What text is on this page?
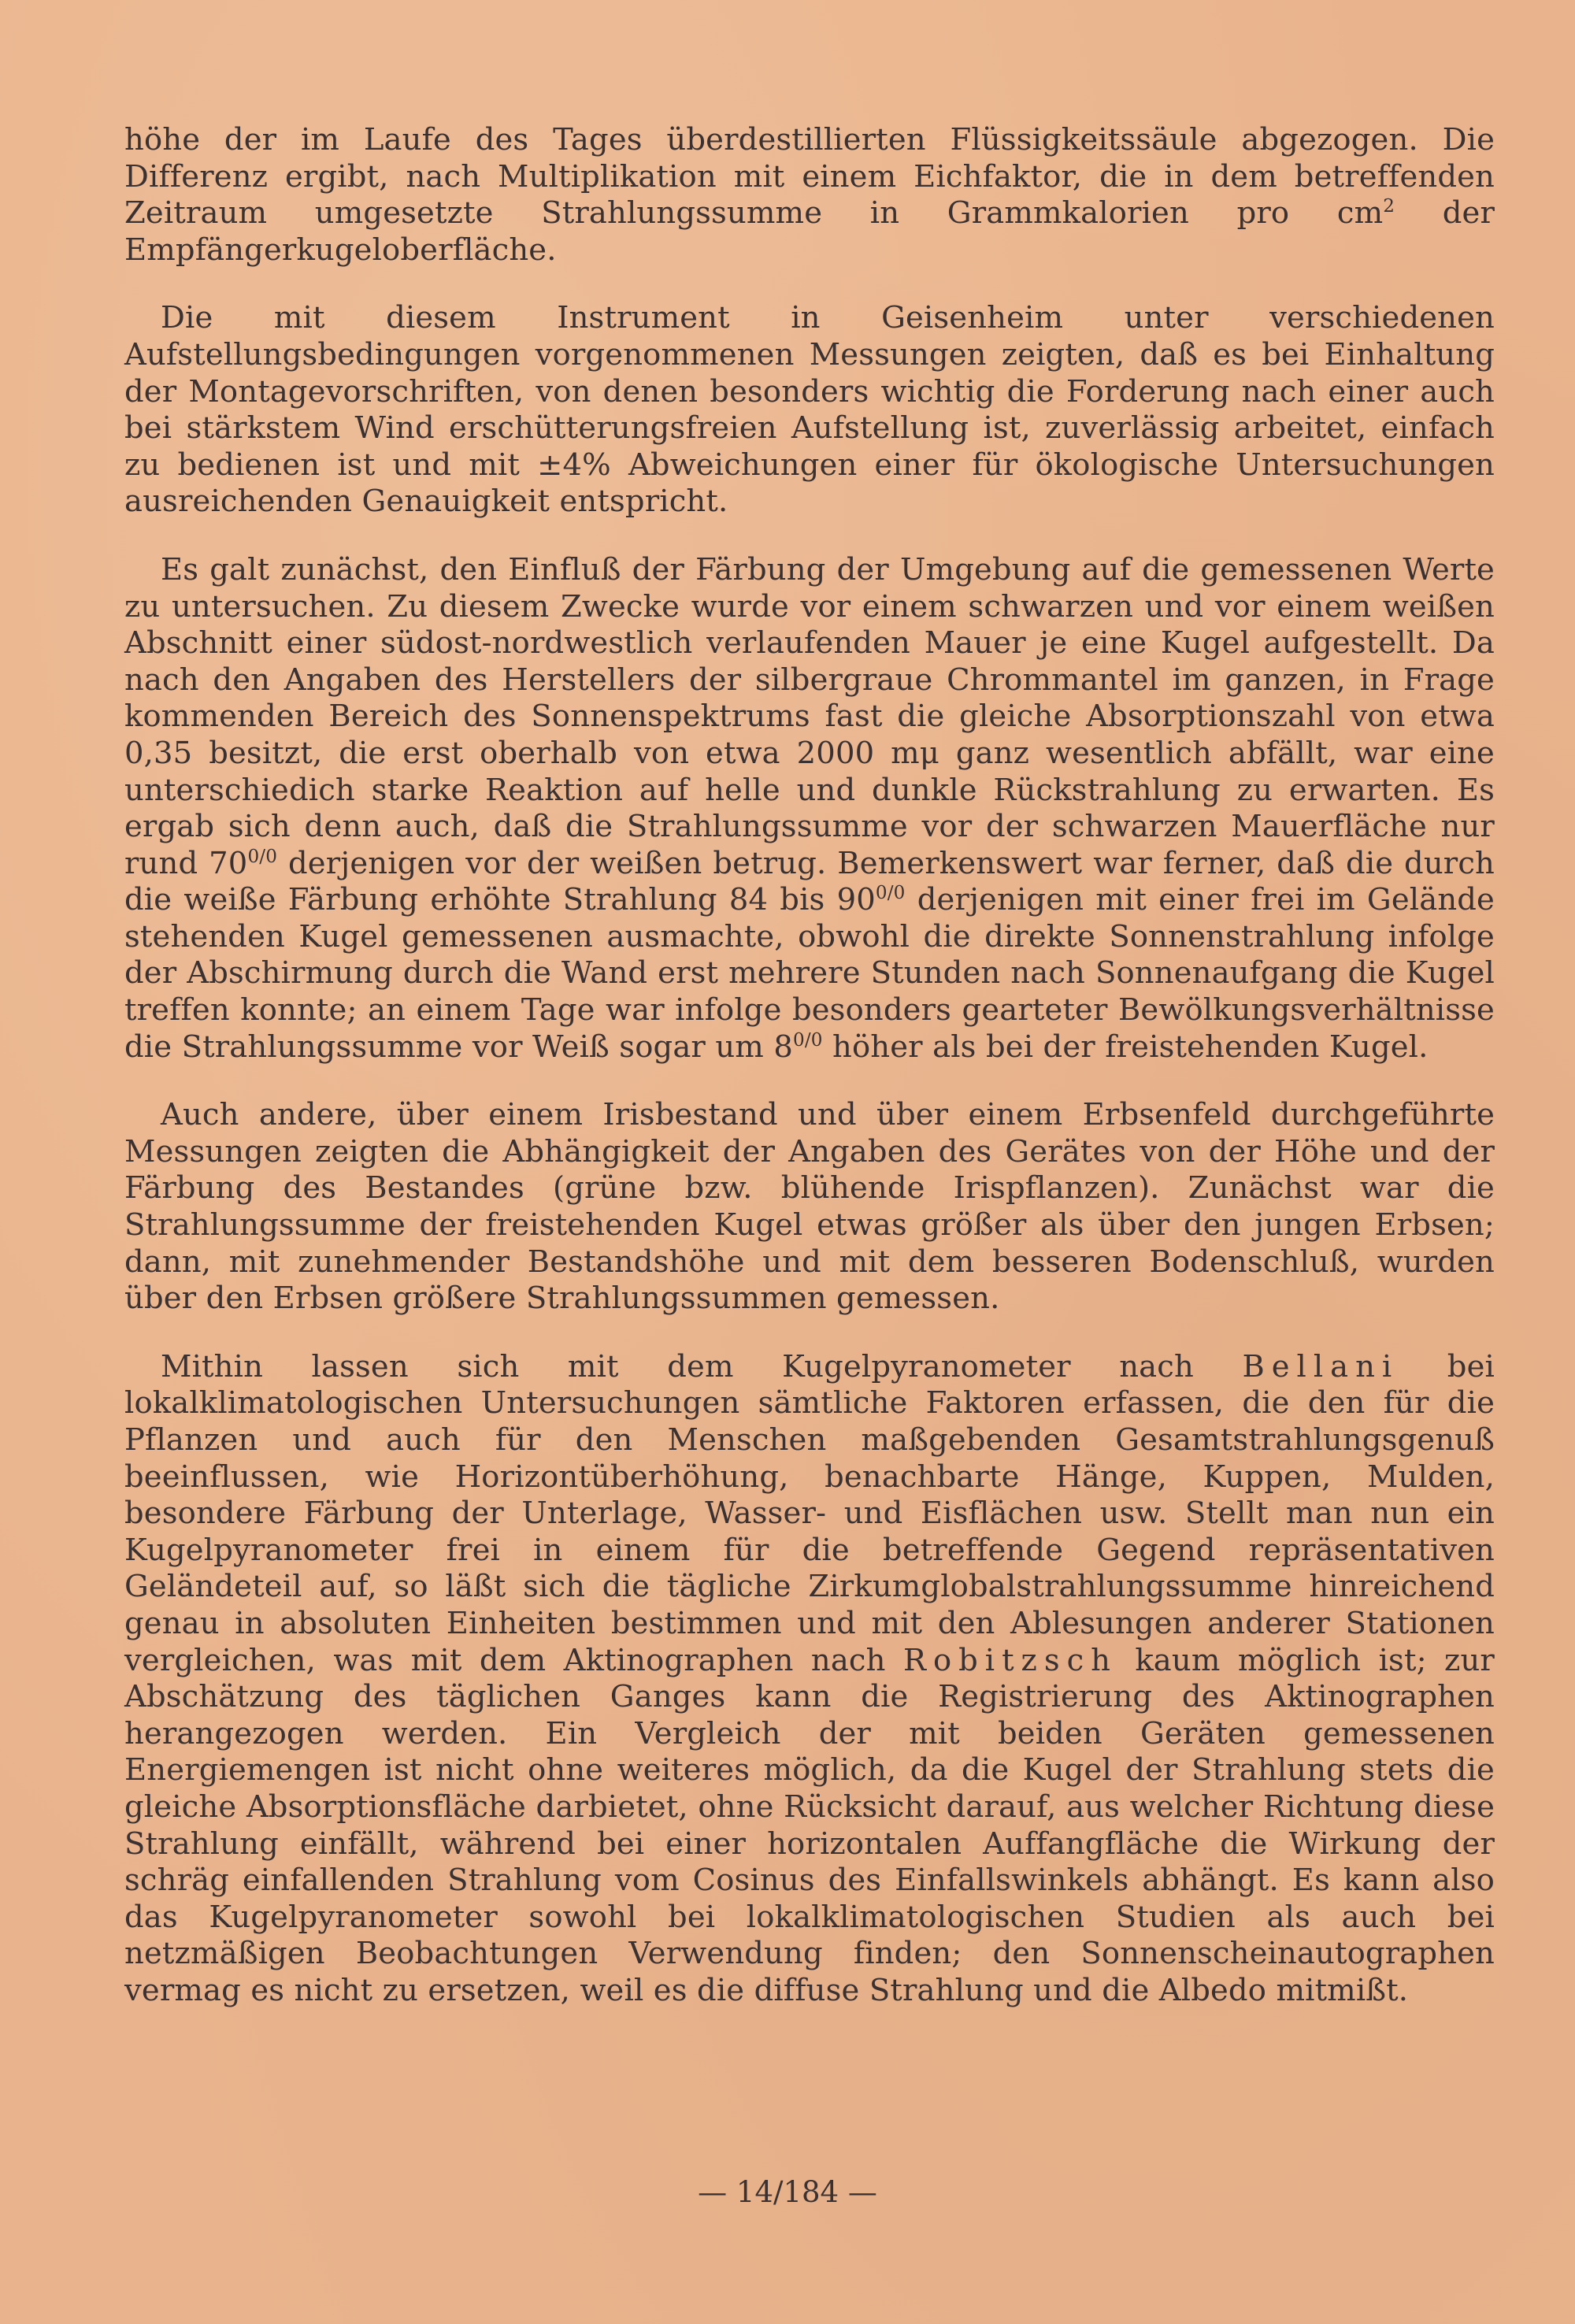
höhe der im Laufe des Tages überdestillierten Flüssigkeitssäule abgezogen. Die Differenz ergibt, nach Multiplikation mit einem Eichfaktor, die in dem betreffenden Zeitraum umgesetzte Strahlungssumme in Grammkalorien pro $cm^2$ der Empfängerkugeloberfläche.

Die mit diesem Instrument in Geisenheim unter verschiedenen Aufstellungsbedingungen vorgenommenen Messungen zeigten, daß es bei Einhaltung der Montagevorschriften, von denen besonders wichtig die Forderung nach einer auch bei stärkstem Wind erschütterungsfreien Aufstellung ist, zuverlässig arbeitet, einfach zu bedienen ist und mit ±4% Abweichungen einer für ökologische Untersuchungen ausreichenden Genauigkeit entspricht.

Es galt zunächst, den Einfluß der Färbung der Umgebung auf die gemessenen Werte zu untersuchen. Zu diesem Zwecke wurde vor einem schwarzen und vor einem weißen Abschnitt einer südost-nordwestlich verlaufenden Mauer je eine Kugel aufgestellt. Da nach den Angaben des Herstellers der silbergraue Chrommantel im ganzen, in Frage kommenden Bereich des Sonnenspektrums fast die gleiche Absorptionszahl von etwa 0,35 besitzt, die erst oberhalb von etwa 2000 mμ ganz wesentlich abfällt, war eine unterschiedich starke Reaktion auf helle und dunkle Rückstrahlung zu erwarten. Es ergab sich denn auch, daß die Strahlungssumme vor der schwarzen Mauerfläche nur rund $70^{0/0}$ derjenigen vor der weißen betrug. Bemerkenswert war ferner, daß die durch die weiße Färbung erhöhte Strahlung 84 bis $90^{0/0}$ derjenigen mit einer frei im Gelände stehenden Kugel gemessenen ausmachte, obwohl die direkte Sonnenstrahlung infolge der Abschirmung durch die Wand erst mehrere Stunden nach Sonnenaufgang die Kugel treffen konnte; an einem Tage war infolge besonders gearteter Bewölkungsverhältnisse die Strahlungssumme vor Weiß sogar um $8^{0/0}$ höher als bei der freistehenden Kugel.

Auch andere, über einem Irisbestand und über einem Erbsenfeld durchgeführte Messungen zeigten die Abhängigkeit der Angaben des Gerätes von der Höhe und der Färbung des Bestandes (grüne bzw. blühende Irispflanzen). Zunächst war die Strahlungssumme der freistehenden Kugel etwas größer als über den jungen Erbsen; dann, mit zunehmender Bestandshöhe und mit dem besseren Bodenschluß, wurden über den Erbsen größere Strahlungssummen gemessen.

Mithin lassen sich mit dem Kugelpyranometer nach Bellani bei lokalklimatologischen Untersuchungen sämtliche Faktoren erfassen, die den für die Pflanzen und auch für den Menschen maßgebenden Gesamtstrahlungsgenuß beeinflussen, wie Horizontüberhöhung, benachbarte Hänge, Kuppen, Mulden, besondere Färbung der Unterlage, Wasser- und Eisflächen usw. Stellt man nun ein Kugelpyranometer frei in einem für die betreffende Gegend repräsentativen Geländeteil auf, so läßt sich die tägliche Zirkumglobalstrahlungssumme hinreichend genau in absoluten Einheiten bestimmen und mit den Ablesungen anderer Stationen vergleichen, was mit dem Aktinographen nach Robitzsch kaum möglich ist; zur Abschätzung des täglichen Ganges kann die Registrierung des Aktinographen herangezogen werden. Ein Vergleich der mit beiden Geräten gemessenen Energiemengen ist nicht ohne weiteres möglich, da die Kugel der Strahlung stets die gleiche Absorptionsfläche darbietet, ohne Rücksicht darauf, aus welcher Richtung diese Strahlung einfällt, während bei einer horizontalen Auffangfläche die Wirkung der schräg einfallenden Strahlung vom Cosinus des Einfallswinkels abhängt. Es kann also das Kugelpyranometer sowohl bei lokalklimatologischen Studien als auch bei netzmäßigen Beobachtungen Verwendung finden; den Sonnenscheinautographen vermag es nicht zu ersetzen, weil es die diffuse Strahlung und die Albedo mitmißt.

— 14/184 —
